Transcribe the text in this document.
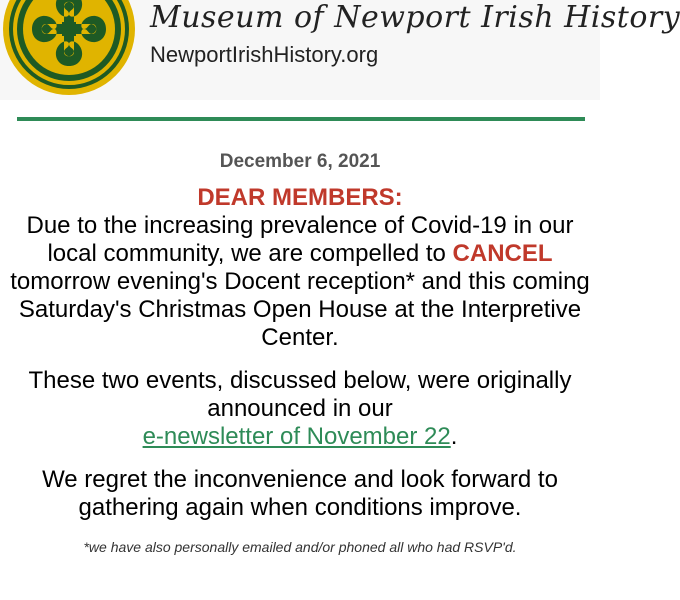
Museum of Newport Irish History
NewportIrishHistory.org

December 6, 2021

DEAR MEMBERS:

Due to the increasing prevalence of Covid-19 in our local community, we are compelled to CANCEL tomorrow evening's Docent reception* and this coming Saturday's Christmas Open House at the Interpretive Center.

These two events, discussed below, were originally announced in our
e-newsletter of November 22.

We regret the inconvenience and look forward to gathering again when conditions improve.

*we have also personally emailed and/or phoned all who had RSVP'd.
